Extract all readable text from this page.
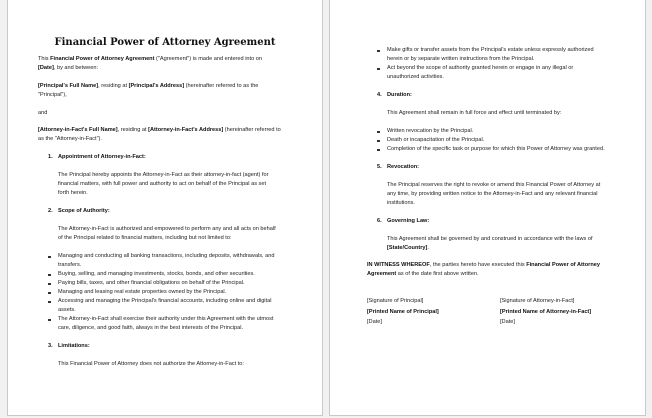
Financial Power of Attorney Agreement
This Financial Power of Attorney Agreement ("Agreement") is made and entered into on
[Date], by and between:
[Principal's Full Name], residing at [Principal's Address] (hereinafter referred to as the
"Principal"),
and
[Attorney-in-Fact's Full Name], residing at [Attorney-in-Fact's Address] (hereinafter referred to
as the "Attorney-in-Fact").
1. Appointment of Attorney-in-Fact:
The Principal hereby appoints the Attorney-in-Fact as their attorney-in-fact (agent) for
financial matters, with full power and authority to act on behalf of the Principal as set
forth herein.
2. Scope of Authority:
The Attorney-in-Fact is authorized and empowered to perform any and all acts on behalf
of the Principal related to financial matters, including but not limited to:
Managing and conducting all banking transactions, including deposits, withdrawals, and
transfers.
Buying, selling, and managing investments, stocks, bonds, and other securities.
Paying bills, taxes, and other financial obligations on behalf of the Principal.
Managing and leasing real estate properties owned by the Principal.
Accessing and managing the Principal's financial accounts, including online and digital
assets.
The Attorney-in-Fact shall exercise their authority under this Agreement with the utmost
care, diligence, and good faith, always in the best interests of the Principal.
3. Limitations:
This Financial Power of Attorney does not authorize the Attorney-in-Fact to:
Make gifts or transfer assets from the Principal's estate unless expressly authorized
herein or by separate written instructions from the Principal.
Act beyond the scope of authority granted herein or engage in any illegal or
unauthorized activities.
4. Duration:
This Agreement shall remain in full force and effect until terminated by:
Written revocation by the Principal.
Death or incapacitation of the Principal.
Completion of the specific task or purpose for which this Power of Attorney was granted.
5. Revocation:
The Principal reserves the right to revoke or amend this Financial Power of Attorney at
any time, by providing written notice to the Attorney-in-Fact and any relevant financial
institutions.
6. Governing Law:
This Agreement shall be governed by and construed in accordance with the laws of
[State/Country].
IN WITNESS WHEREOF, the parties hereto have executed this Financial Power of Attorney
Agreement as of the date first above written.
[Signature of Principal]
[Printed Name of Principal]
[Date]
[Signature of Attorney-in-Fact]
[Printed Name of Attorney-in-Fact]
[Date]
